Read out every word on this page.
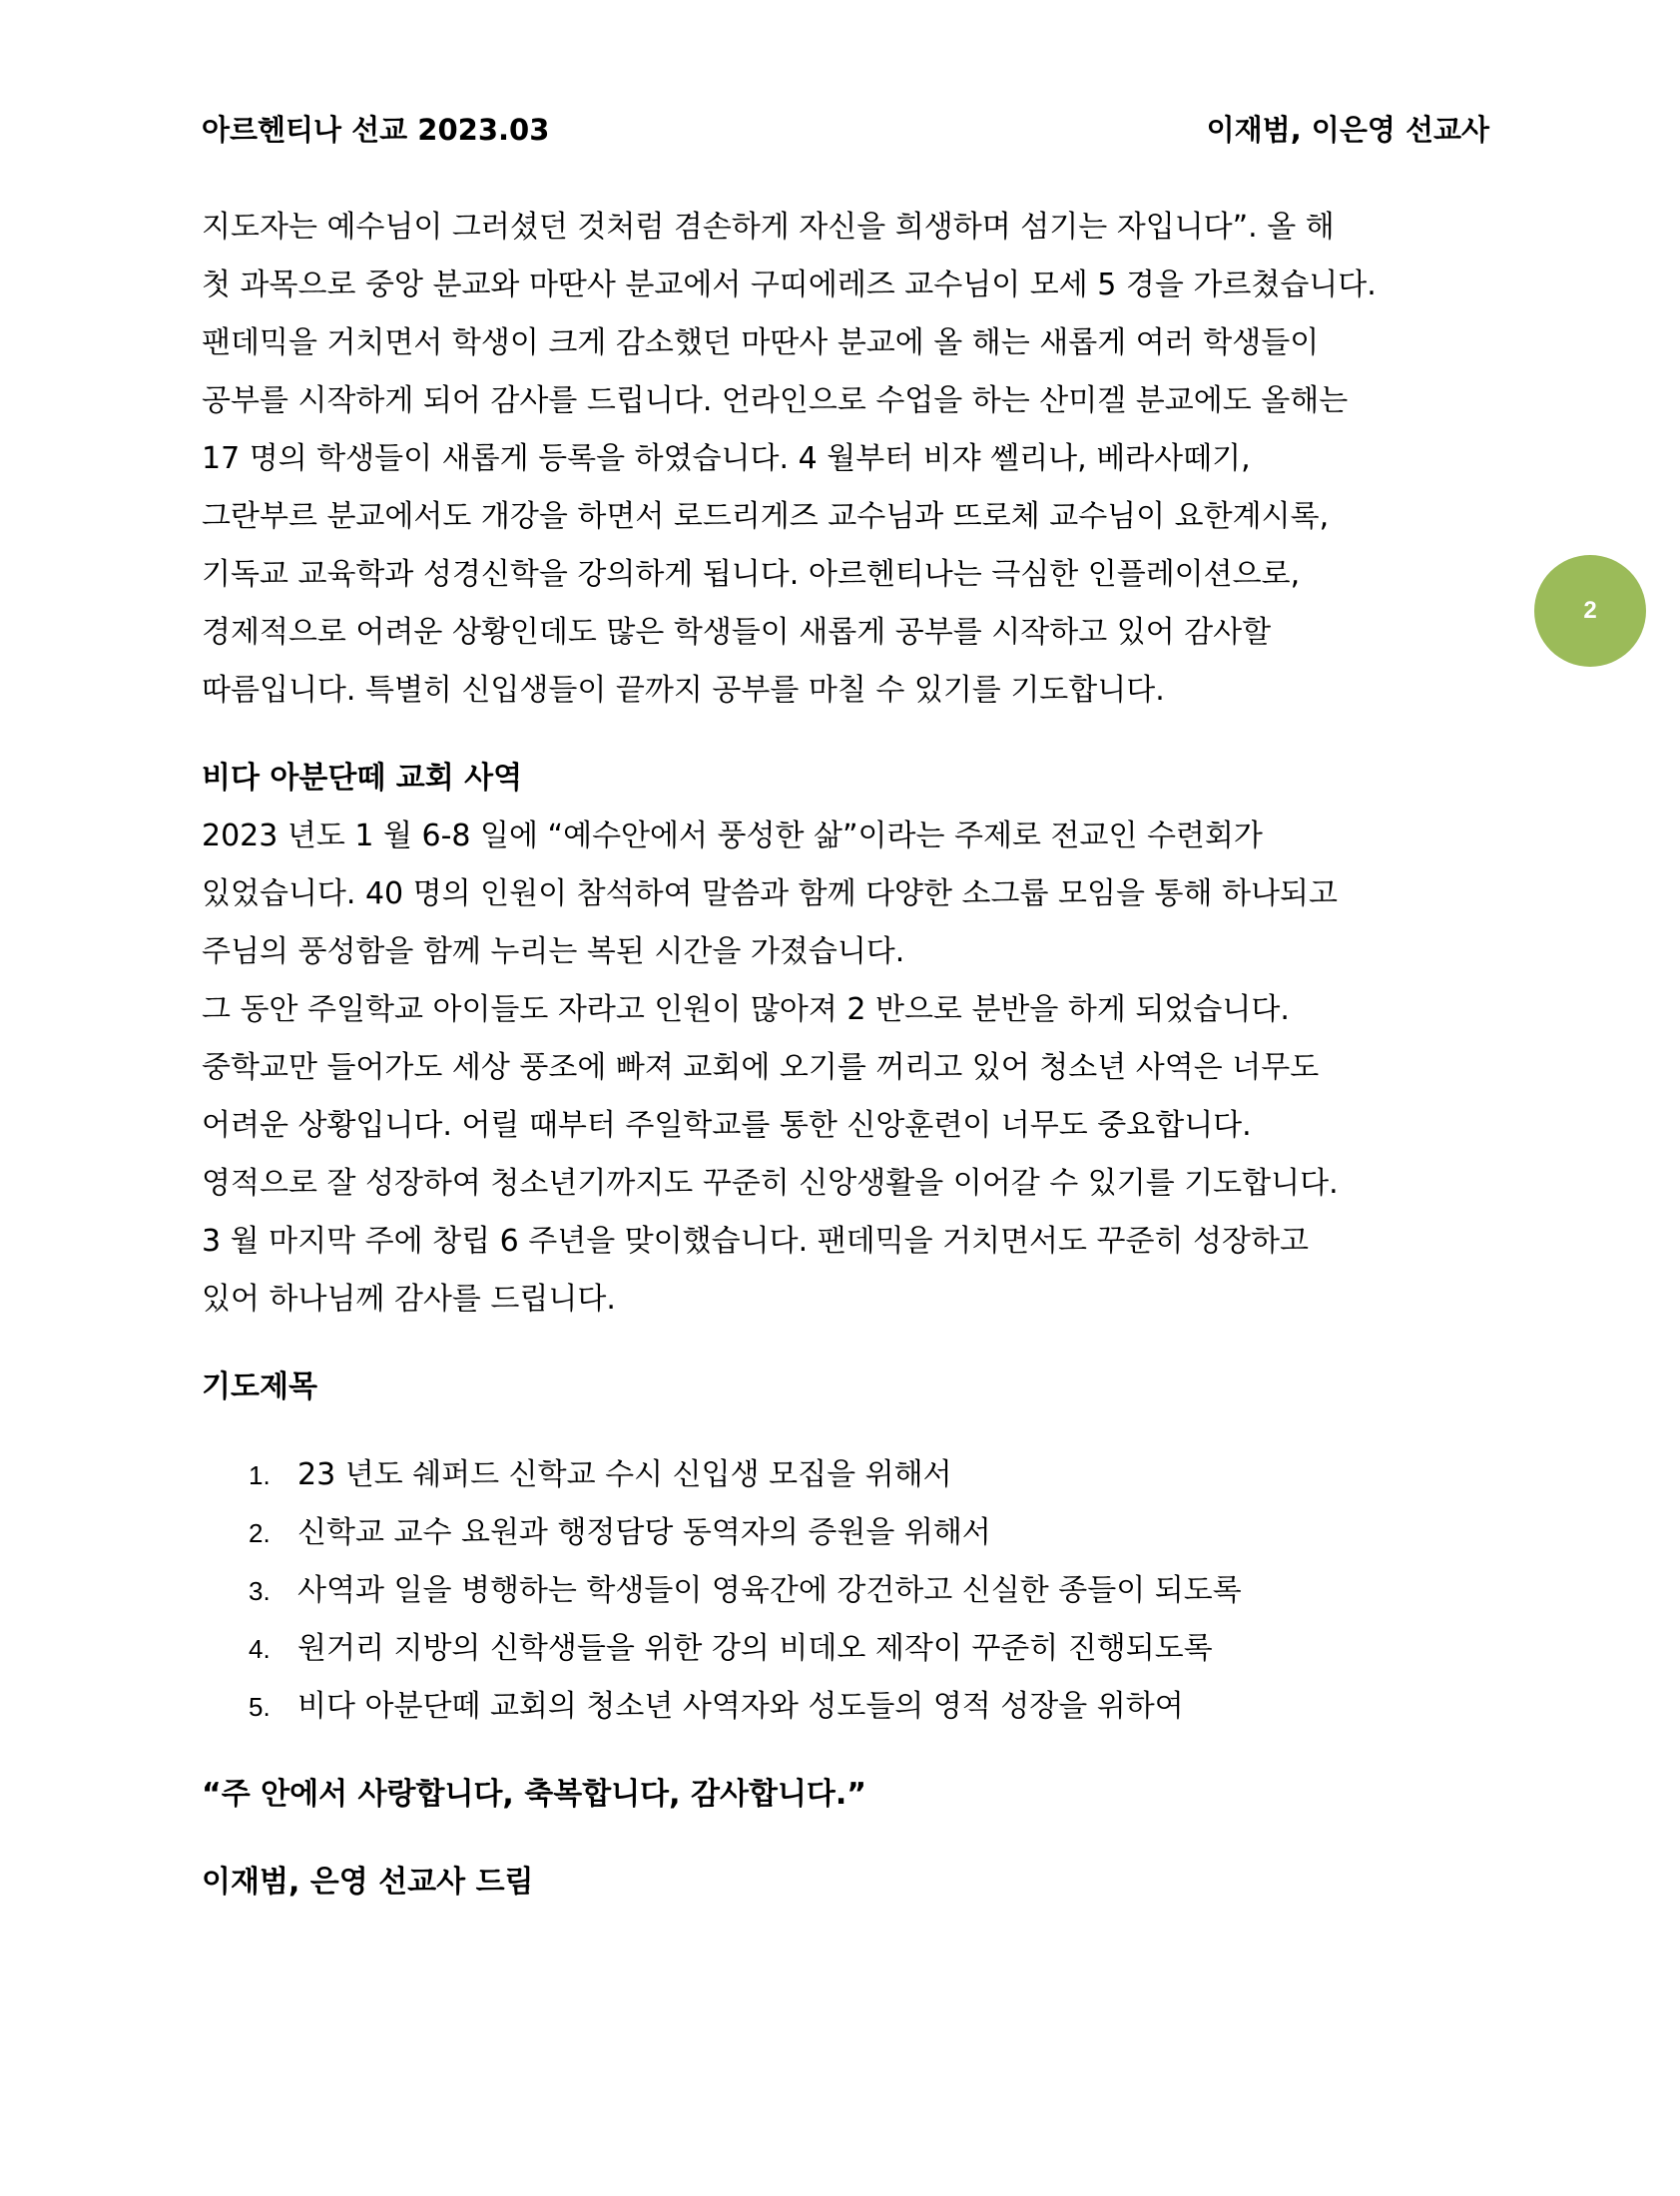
아르헨티나 선교 2023.03	이재범, 이은영 선교사
2
지도자는 예수님이 그러셨던 것처럼 겸손하게 자신을 희생하며 섬기는 자입니다”. 올 해
첫 과목으로 중앙 분교와 마딴사 분교에서 구띠에레즈 교수님이 모세 5 경을 가르쳤습니다.
팬데믹을 거치면서 학생이 크게 감소했던 마딴사 분교에 올 해는 새롭게 여러 학생들이
공부를 시작하게 되어 감사를 드립니다. 언라인으로 수업을 하는 산미겔 분교에도 올해는
17 명의 학생들이 새롭게 등록을 하였습니다. 4 월부터 비쟈 쎌리나, 베라사떼기,
그란부르 분교에서도 개강을 하면서 로드리게즈 교수님과 뜨로체 교수님이 요한계시록,
기독교 교육학과 성경신학을 강의하게 됩니다. 아르헨티나는 극심한 인플레이션으로,
경제적으로 어려운 상황인데도 많은 학생들이 새롭게 공부를 시작하고 있어 감사할
따름입니다. 특별히 신입생들이 끝까지 공부를 마칠 수 있기를 기도합니다.
비다 아분단떼 교회 사역
2023 년도 1 월 6-8 일에 “예수안에서 풍성한 삶”이라는 주제로 전교인 수련회가
있었습니다. 40 명의 인원이 참석하여 말씀과 함께 다양한 소그룹 모임을 통해 하나되고
주님의 풍성함을 함께 누리는 복된 시간을 가졌습니다.
그 동안 주일학교 아이들도 자라고 인원이 많아져 2 반으로 분반을 하게 되었습니다.
중학교만 들어가도 세상 풍조에 빠져 교회에 오기를 꺼리고 있어 청소년 사역은 너무도
어려운 상황입니다. 어릴 때부터 주일학교를 통한 신앙훈련이 너무도 중요합니다.
영적으로 잘 성장하여 청소년기까지도 꾸준히 신앙생활을 이어갈 수 있기를 기도합니다.
3 월 마지막 주에 창립 6 주년을 맞이했습니다. 팬데믹을 거치면서도 꾸준히 성장하고
있어 하나님께 감사를 드립니다.
기도제목
1. 23 년도 쉐퍼드 신학교 수시 신입생 모집을 위해서
2. 신학교 교수 요원과 행정담당 동역자의 증원을 위해서
3. 사역과 일을 병행하는 학생들이 영육간에 강건하고 신실한 종들이 되도록
4. 원거리 지방의 신학생들을 위한 강의 비데오 제작이 꾸준히 진행되도록
5. 비다 아분단떼 교회의 청소년 사역자와 성도들의 영적 성장을 위하여
“주 안에서 사랑합니다, 축복합니다, 감사합니다.”
이재범, 은영 선교사 드림
